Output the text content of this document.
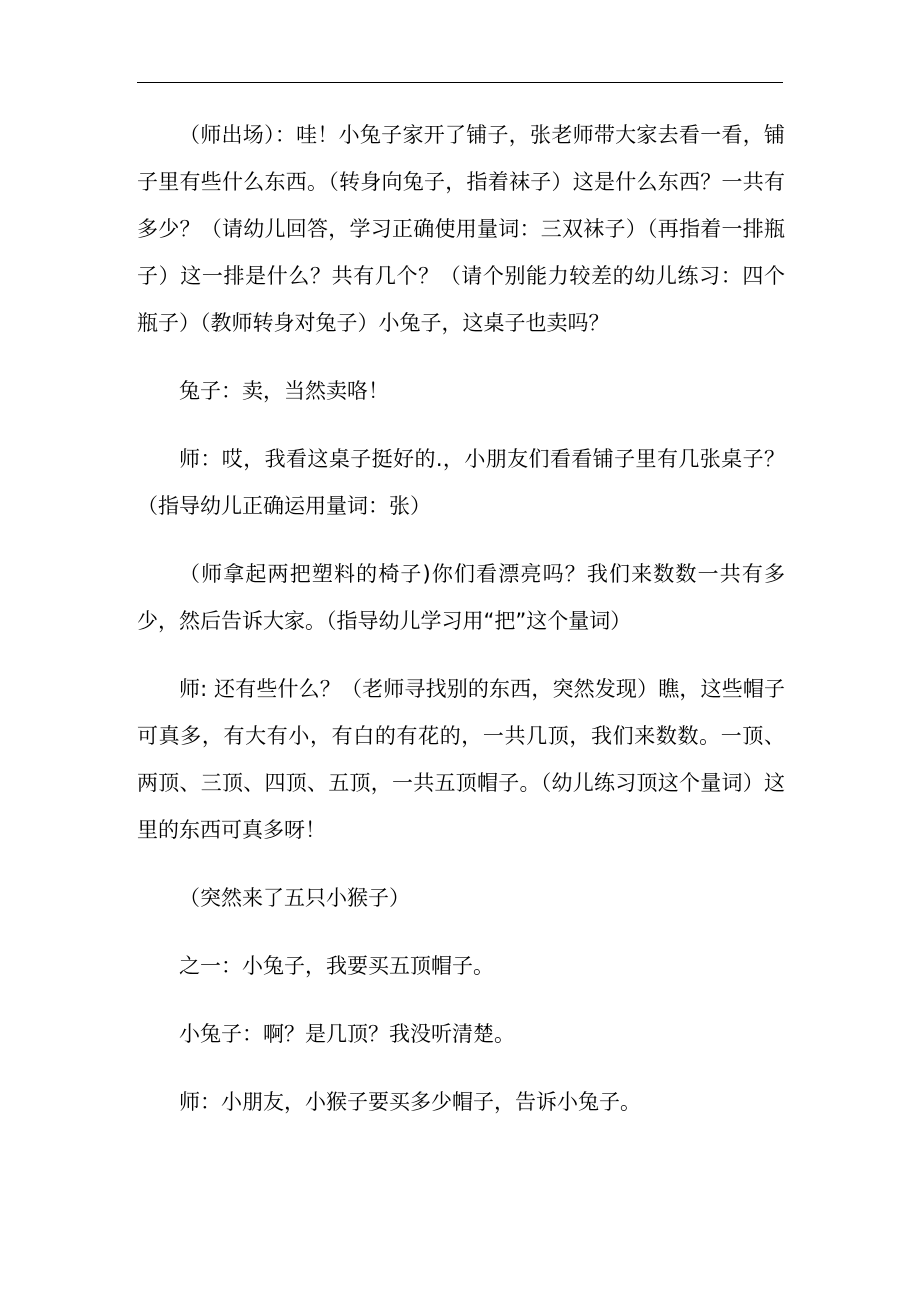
（师出场）：哇！小兔子家开了铺子，张老师带大家去看一看，铺子里有些什么东西。（转身向兔子，指着袜子）这是什么东西？一共有多少？（请幼儿回答，学习正确使用量词：三双袜子）（再指着一排瓶子）这一排是什么？共有几个？（请个别能力较差的幼儿练习：四个瓶子）（教师转身对兔子）小兔子，这桌子也卖吗？

兔子：卖，当然卖咯！

师：哎，我看这桌子挺好的.，小朋友们看看铺子里有几张桌子？（指导幼儿正确运用量词：张）

（师拿起两把塑料的椅子)你们看漂亮吗？我们来数数一共有多少，然后告诉大家。（指导幼儿学习用“把”这个量词）

师: 还有些什么？（老师寻找别的东西，突然发现）瞧，这些帽子可真多，有大有小，有白的有花的，一共几顶，我们来数数。一顶、两顶、三顶、四顶、五顶，一共五顶帽子。（幼儿练习顶这个量词）这里的东西可真多呀！

（突然来了五只小猴子）

之一：小兔子，我要买五顶帽子。

小兔子：啊？是几顶？我没听清楚。

师：小朋友，小猴子要买多少帽子，告诉小兔子。
